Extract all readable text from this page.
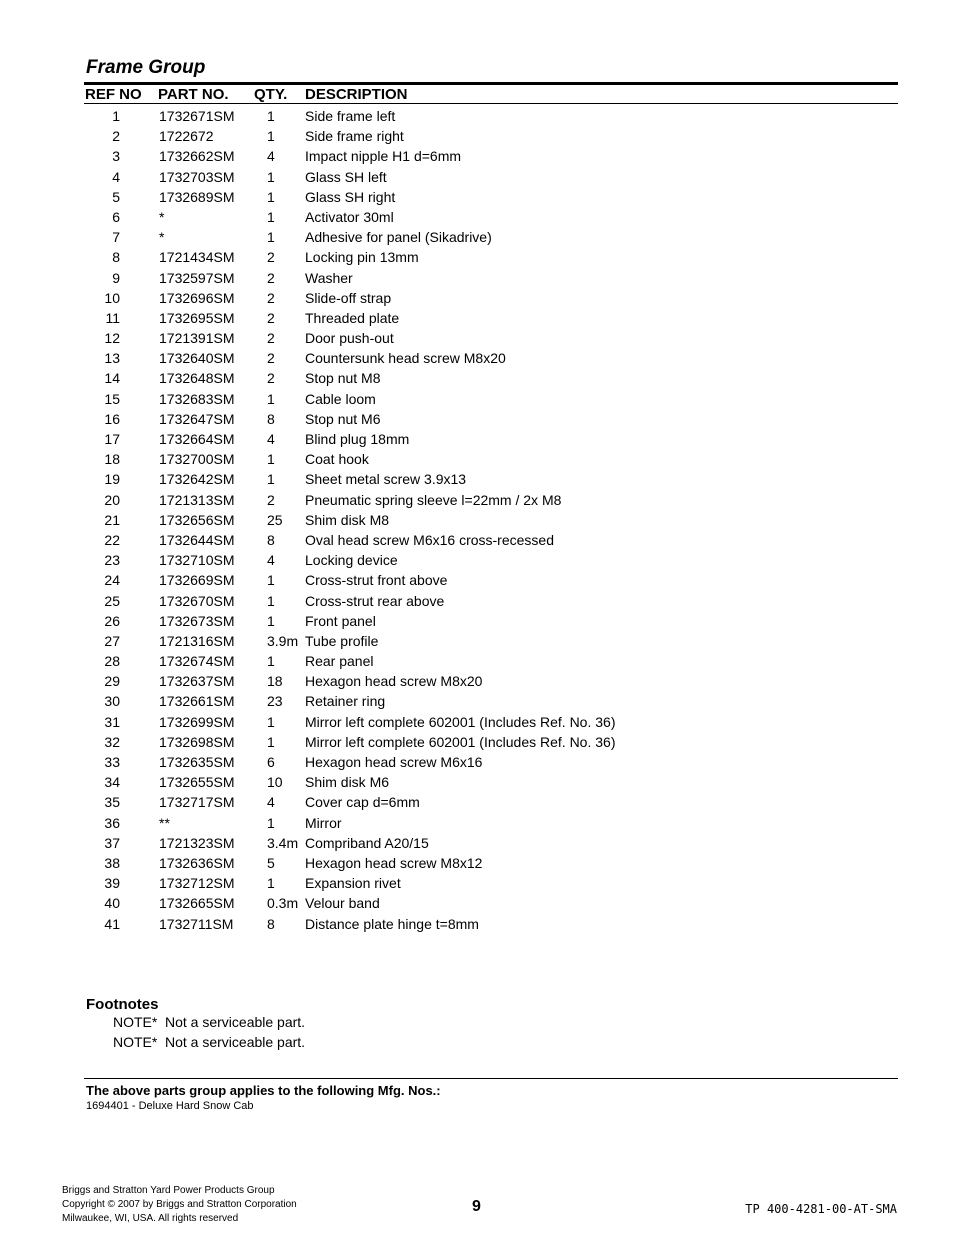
Frame Group
REF NO PART NO. QTY. DESCRIPTION
1	1732671SM 1 Side frame left
2	1722672	1 Side frame right
3	1732662SM 4 Impact nipple H1 d=6mm
4	1732703SM 1 Glass SH left
5	1732689SM 1 Glass SH right
6	*	1 Activator 30ml
7	*	1 Adhesive for panel (Sikadrive)
8	1721434SM 2 Locking pin 13mm
9	1732597SM 2 Washer
10	1732696SM 2 Slide-off strap
11	1732695SM 2 Threaded plate
12	1721391SM 2 Door push-out
13	1732640SM 2 Countersunk head screw M8x20
14	1732648SM 2 Stop nut M8
15	1732683SM 1 Cable loom
16	1732647SM 8 Stop nut M6
17	1732664SM 4 Blind plug 18mm
18	1732700SM 1 Coat hook
19	1732642SM 1 Sheet metal screw 3.9x13
20	1721313SM 2 Pneumatic spring sleeve l=22mm / 2x M8
21	1732656SM 25 Shim disk M8
22	1732644SM 8 Oval head screw M6x16 cross-recessed
23	1732710SM 4 Locking device
24	1732669SM 1 Cross-strut front above
25	1732670SM 1 Cross-strut rear above
26	1732673SM 1 Front panel
27	1721316SM 3.9m Tube profile
28	1732674SM 1 Rear panel
29	1732637SM 18 Hexagon head screw M8x20
30	1732661SM 23 Retainer ring
31	1732699SM 1 Mirror left complete 602001 (Includes Ref. No. 36)
32	1732698SM 1 Mirror left complete 602001 (Includes Ref. No. 36)
33	1732635SM 6 Hexagon head screw M6x16
34	1732655SM 10 Shim disk M6
35	1732717SM 4 Cover cap d=6mm
36	**	1 Mirror
37	1721323SM 3.4m Compriband A20/15
38	1732636SM 5 Hexagon head screw M8x12
39	1732712SM 1 Expansion rivet
40	1732665SM 0.3m Velour band
41	1732711SM 8 Distance plate hinge t=8mm
Footnotes
NOTE* Not a serviceable part.
NOTE* Not a serviceable part.
The above parts group applies to the following Mfg. Nos.:
1694401 - Deluxe Hard Snow Cab
Briggs and Stratton Yard Power Products Group
Copyright © 2007 by Briggs and Stratton Corporation
Milwaukee, WI, USA. All rights reserved
9	TP 400-4281-00-AT-SMA
